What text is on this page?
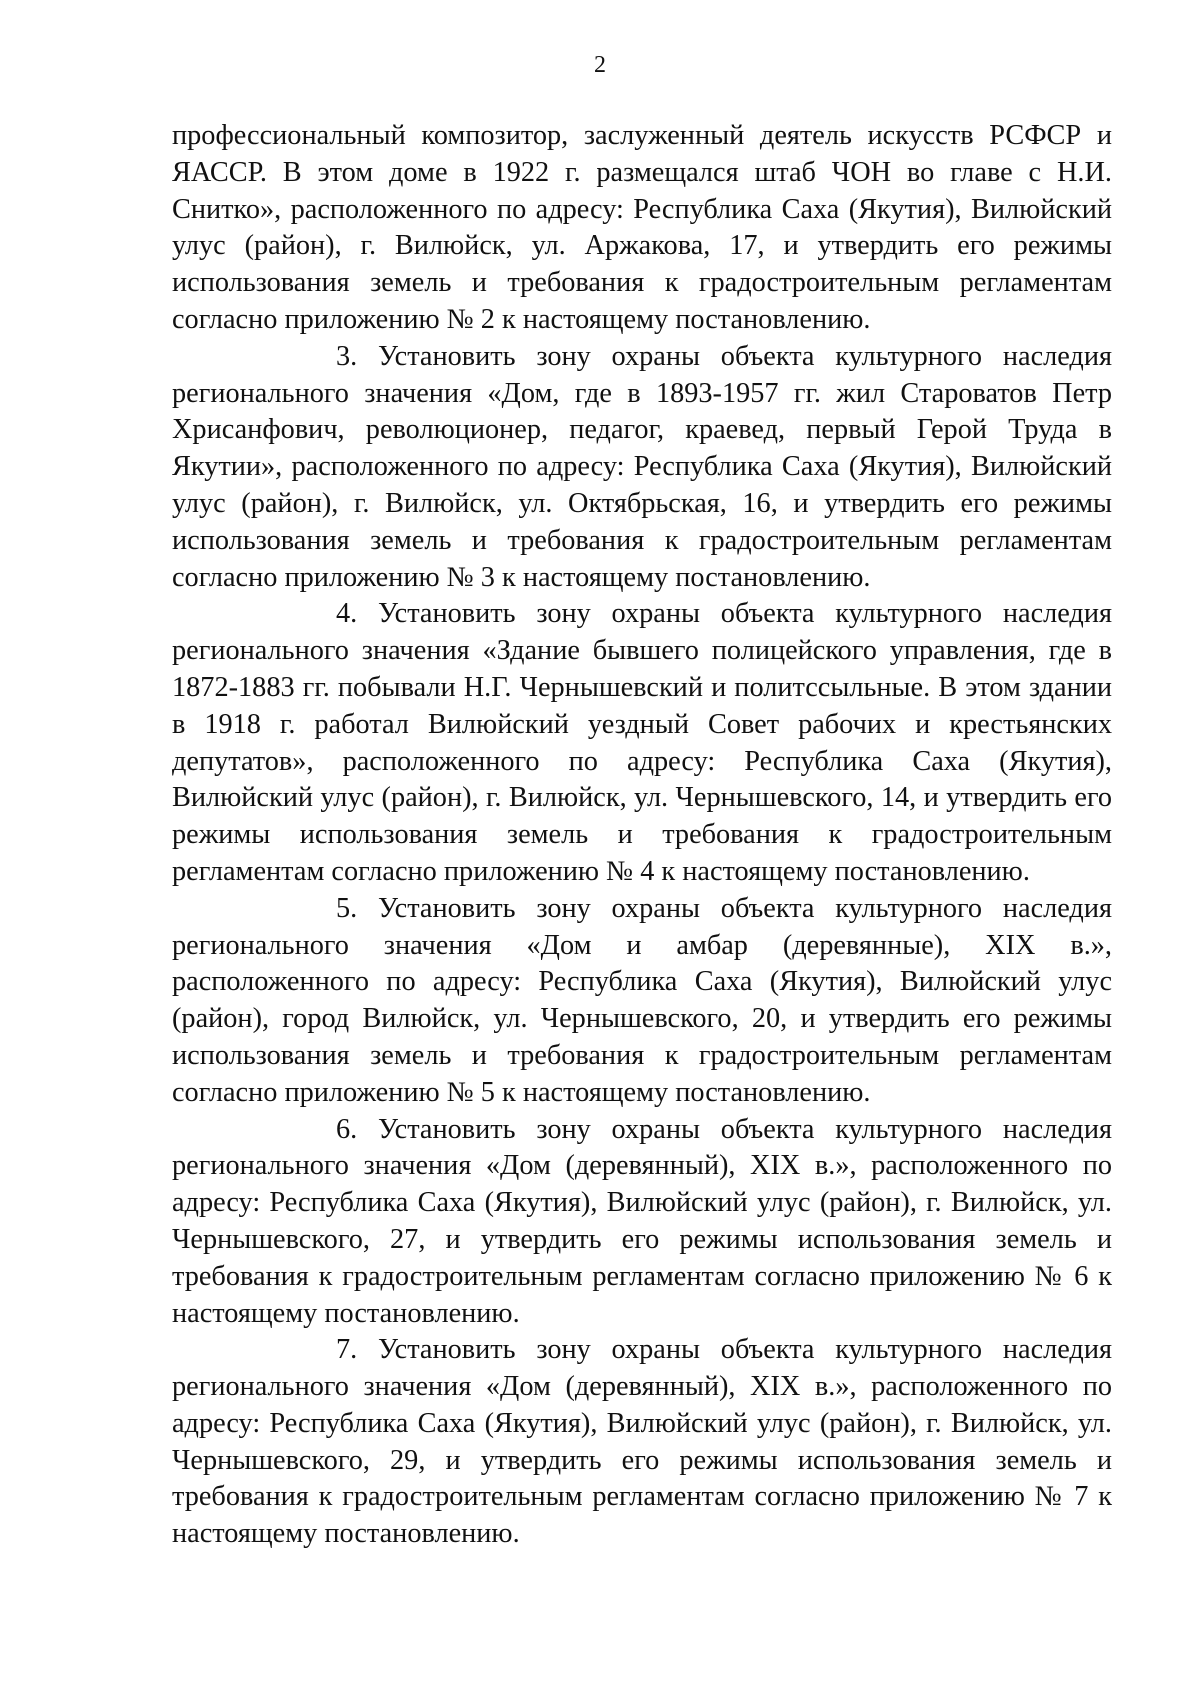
2

профессиональный композитор, заслуженный деятель искусств РСФСР и ЯАССР. В этом доме в 1922 г. размещался штаб ЧОН во главе с Н.И. Снитко», расположенного по адресу: Республика Саха (Якутия), Вилюйский улус (район), г. Вилюйск, ул. Аржакова, 17, и утвердить его режимы использования земель и требования к градостроительным регламентам согласно приложению № 2 к настоящему постановлению.

3. Установить зону охраны объекта культурного наследия регионального значения «Дом, где в 1893-1957 гг. жил Староватов Петр Хрисанфович, революционер, педагог, краевед, первый Герой Труда в Якутии», расположенного по адресу: Республика Саха (Якутия), Вилюйский улус (район), г. Вилюйск, ул. Октябрьская, 16, и утвердить его режимы использования земель и требования к градостроительным регламентам согласно приложению № 3 к настоящему постановлению.

4. Установить зону охраны объекта культурного наследия регионального значения «Здание бывшего полицейского управления, где в 1872-1883 гг. побывали Н.Г. Чернышевский и политссыльные. В этом здании в 1918 г. работал Вилюйский уездный Совет рабочих и крестьянских депутатов», расположенного по адресу: Республика Саха (Якутия), Вилюйский улус (район), г. Вилюйск, ул. Чернышевского, 14, и утвердить его режимы использования земель и требования к градостроительным регламентам согласно приложению № 4 к настоящему постановлению.

5. Установить зону охраны объекта культурного наследия регионального значения «Дом и амбар (деревянные), XIX в.», расположенного по адресу: Республика Саха (Якутия), Вилюйский улус (район), город Вилюйск, ул. Чернышевского, 20, и утвердить его режимы использования земель и требования к градостроительным регламентам согласно приложению № 5 к настоящему постановлению.

6. Установить зону охраны объекта культурного наследия регионального значения «Дом (деревянный), XIX в.», расположенного по адресу: Республика Саха (Якутия), Вилюйский улус (район), г. Вилюйск, ул. Чернышевского, 27, и утвердить его режимы использования земель и требования к градостроительным регламентам согласно приложению № 6 к настоящему постановлению.

7. Установить зону охраны объекта культурного наследия регионального значения «Дом (деревянный), XIX в.», расположенного по адресу: Республика Саха (Якутия), Вилюйский улус (район), г. Вилюйск, ул. Чернышевского, 29, и утвердить его режимы использования земель и требования к градостроительным регламентам согласно приложению № 7 к настоящему постановлению.
